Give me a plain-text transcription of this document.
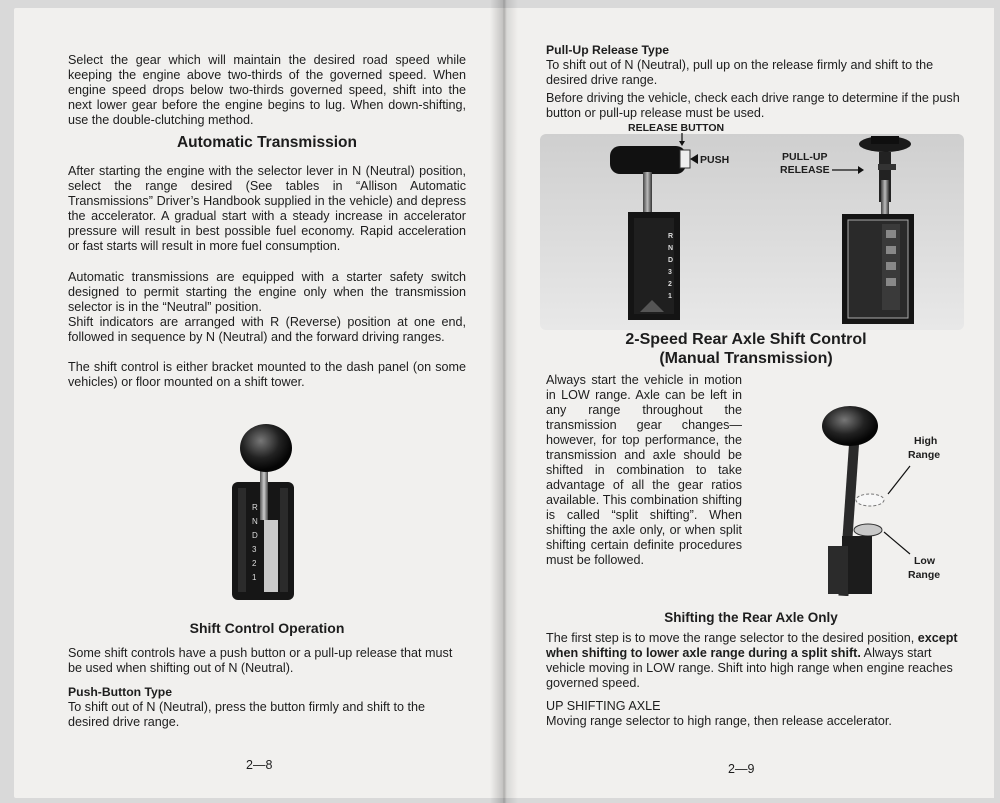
Select the gear which will maintain the desired road speed while keeping the engine above two-thirds of the governed speed. When engine speed drops below two-thirds governed speed, shift into the next lower gear before the engine begins to lug. When down-shifting, use the double-clutching method.

Automatic Transmission

After starting the engine with the selector lever in N (Neutral) position, select the range desired (See tables in “Allison Automatic Transmissions” Driver’s Handbook supplied in the vehicle) and depress the accelerator. A gradual start with a steady increase in accelerator pressure will result in best possible fuel economy. Rapid acceleration or fast starts will result in more fuel consumption.

Automatic transmissions are equipped with a starter safety switch designed to permit starting the engine only when the transmission selector is in the “Neutral” position.

Shift indicators are arranged with R (Reverse) position at one end, followed in sequence by N (Neutral) and the forward driving ranges.

The shift control is either bracket mounted to the dash panel (on some vehicles) or floor mounted on a shift tower.

R
N
D
3
2
1
Shift Control Operation

Some shift controls have a push button or a pull-up release that must be used when shifting out of N (Neutral).

Push-Button Type

To shift out of N (Neutral), press the button firmly and shift to the desired drive range.

2—8

Pull-Up Release Type

To shift out of N (Neutral), pull up on the release firmly and shift to the desired drive range.

Before driving the vehicle, check each drive range to determine if the push button or pull-up release must be used.

R
N
D
3
2
1
RELEASE BUTTON
PUSH	PULL-UP
RELEASE
2-Speed Rear Axle Shift Control
(Manual Transmission)

Always start the vehicle in motion in LOW range. Axle can be left in any range throughout the transmission gear changes—however, for top performance, the transmission and axle should be shifted in combination to take advantage of all the gear ratios available. This combination shifting is called “split shifting”. When shifting the axle only, or when split shifting certain definite procedures must be followed.

High
Range
Low
Range
Shifting the Rear Axle Only

The first step is to move the range selector to the desired position, except when shifting to lower axle range during a split shift. Always start vehicle moving in LOW range. Shift into high range when engine reaches governed speed.

UP SHIFTING AXLE

Moving range selector to high range, then release accelerator.

2—9
